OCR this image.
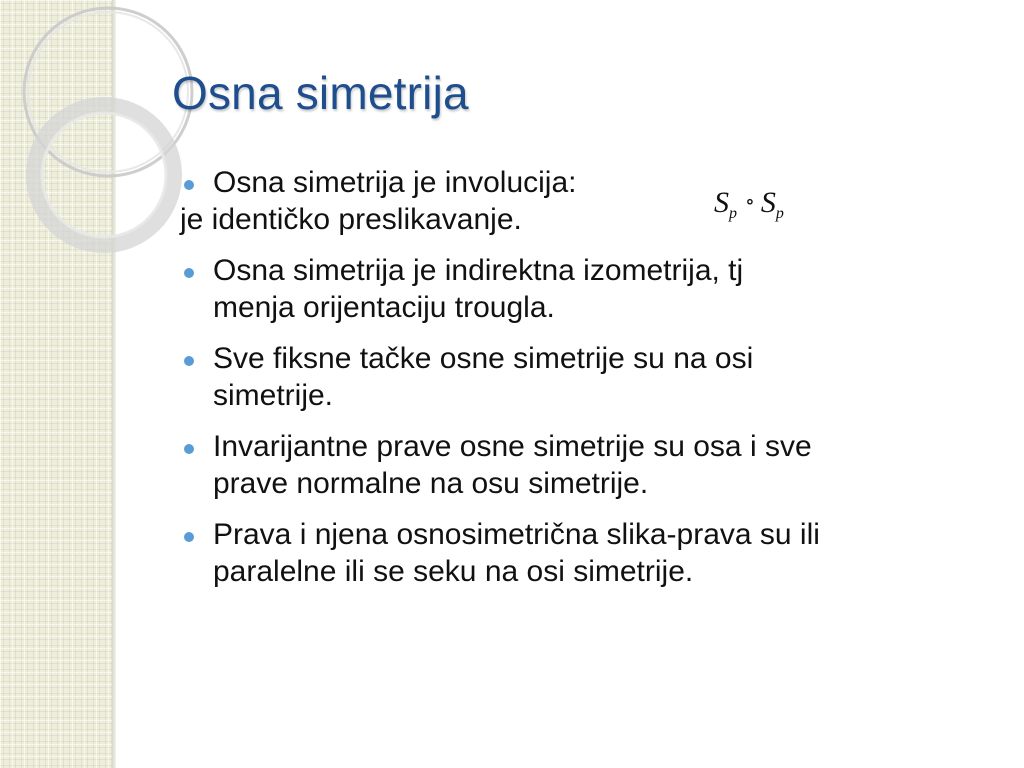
Osna simetrija
$S_p\circ$ $S_p$
Osna simetrija je involucija:
je identičko preslikavanje.
Osna simetrija je indirektna izometrija, tj
menja orijentaciju trougla.
Sve fiksne tačke osne simetrije su na osi
simetrije.
Invarijantne prave osne simetrije su osa i sve
prave normalne na osu simetrije.
Prava i njena osnosimetrična slika-prava su ili
paralelne ili se seku na osi simetrije.
